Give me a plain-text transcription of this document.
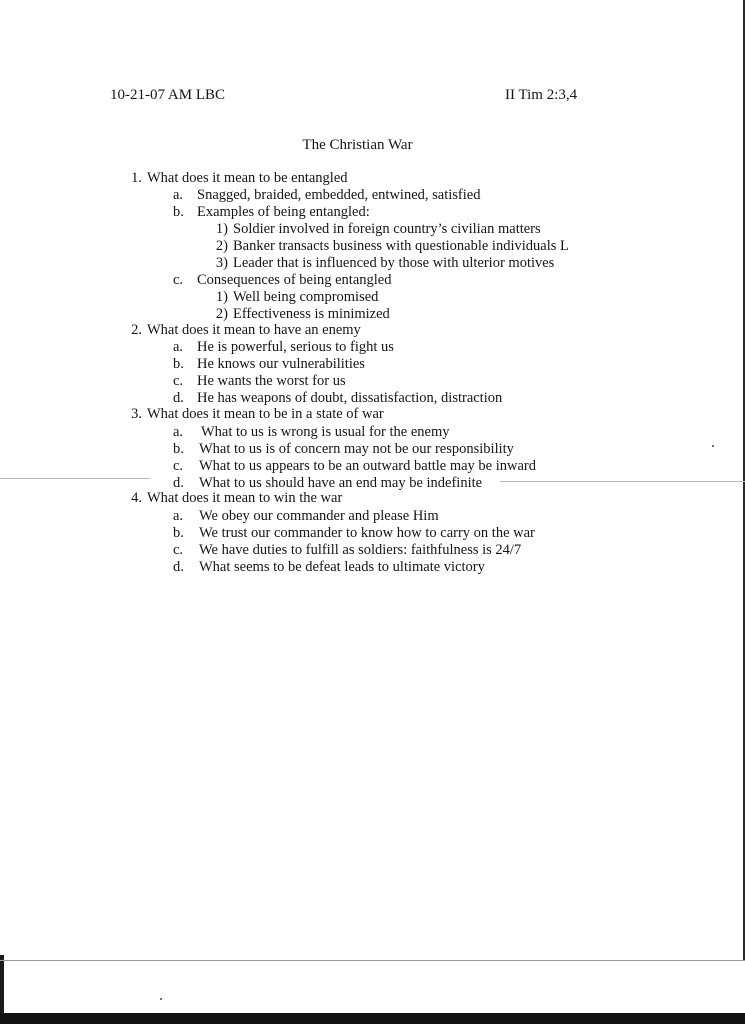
10-21-07 AM LBC	II Tim 2:3,4
The Christian War
1. What does it mean to be entangled
a. Snagged, braided, embedded, entwined, satisfied
b. Examples of being entangled:
1) Soldier involved in foreign country’s civilian matters
2) Banker transacts business with questionable individuals L
3) Leader that is influenced by those with ulterior motives
c. Consequences of being entangled
1) Well being compromised
2) Effectiveness is minimized
2. What does it mean to have an enemy
a. He is powerful, serious to fight us
b. He knows our vulnerabilities
c. He wants the worst for us
d. He has weapons of doubt, dissatisfaction, distraction
3. What does it mean to be in a state of war
a. What to us is wrong is usual for the enemy
b. What to us is of concern may not be our responsibility
c. What to us appears to be an outward battle may be inward
d. What to us should have an end may be indefinite
4. What does it mean to win the war
a. We obey our commander and please Him
b. We trust our commander to know how to carry on the war
c. We have duties to fulfill as soldiers: faithfulness is 24/7
d. What seems to be defeat leads to ultimate victory
